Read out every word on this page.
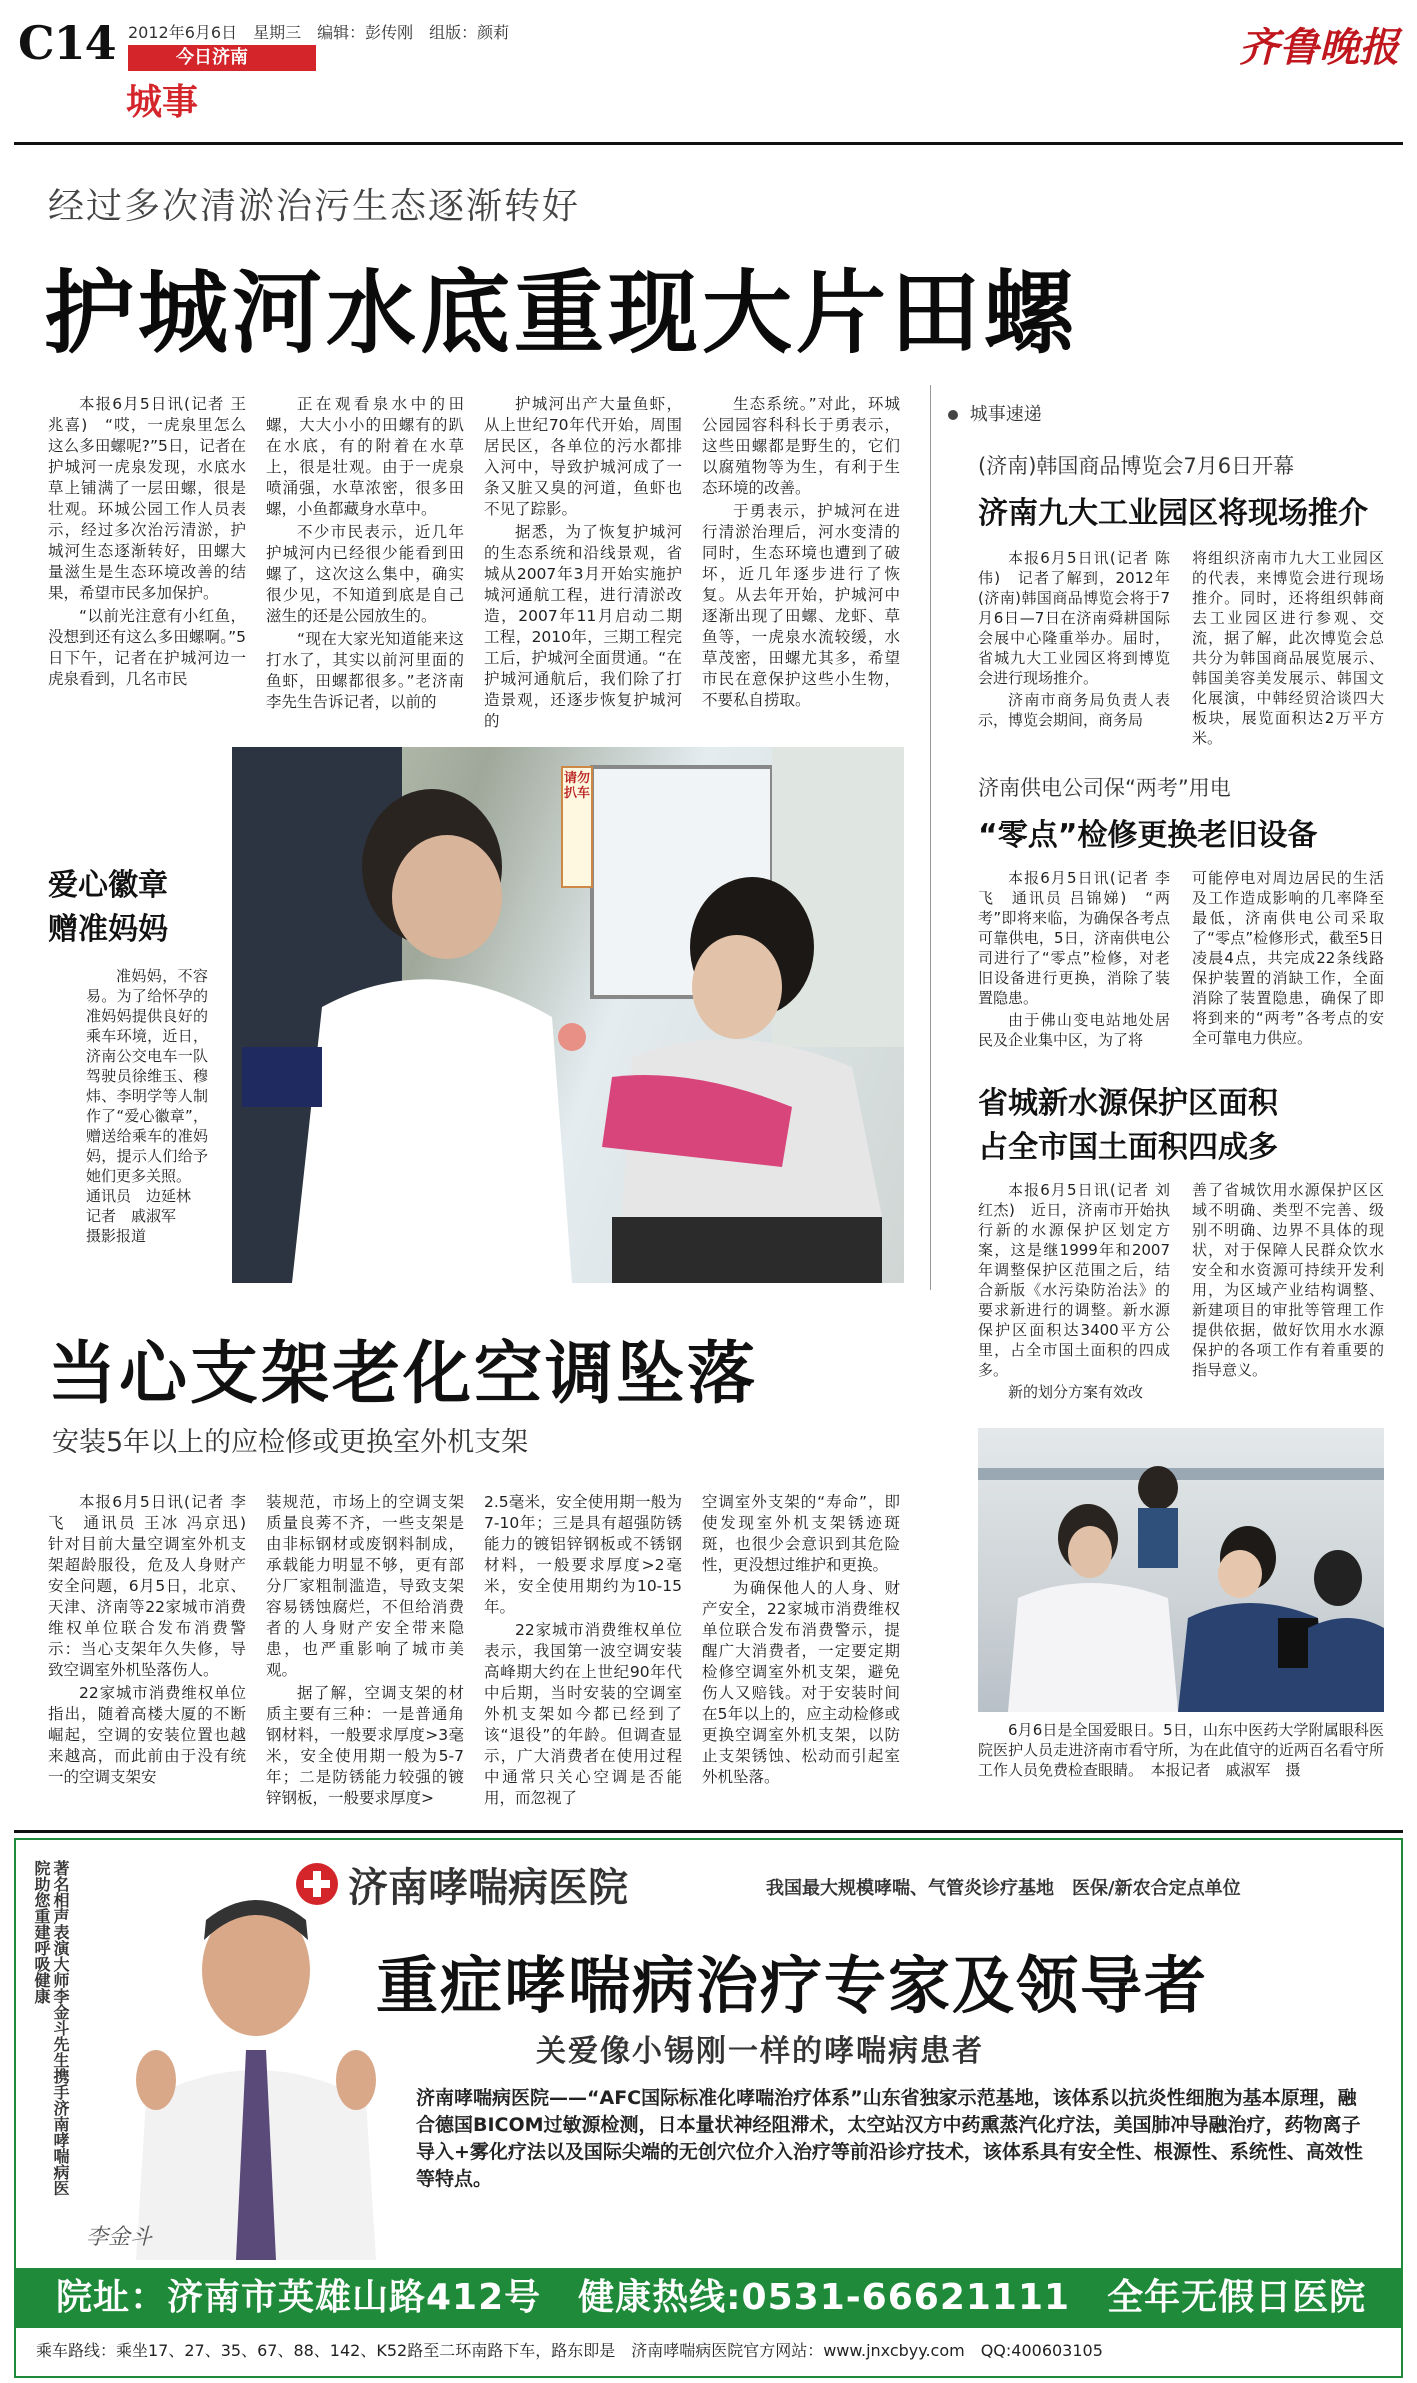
C14 2012年6月6日　星期三　编辑：彭传刚　组版：颜莉
今日济南
城事
齐鲁晚报
经过多次清淤治污生态逐渐转好
护城河水底重现大片田螺

本报6月5日讯(记者 王兆喜)　“哎，一虎泉里怎么这么多田螺呢?”5日，记者在护城河一虎泉发现，水底水草上铺满了一层田螺，很是壮观。环城公园工作人员表示，经过多次治污清淤，护城河生态逐渐转好，田螺大量滋生是生态环境改善的结果，希望市民多加保护。

“以前光注意有小红鱼，没想到还有这么多田螺啊。”5日下午，记者在护城河边一虎泉看到，几名市民

正在观看泉水中的田螺，大大小小的田螺有的趴在水底，有的附着在水草上，很是壮观。由于一虎泉喷涌强，水草浓密，很多田螺，小鱼都藏身水草中。

不少市民表示，近几年护城河内已经很少能看到田螺了，这次这么集中，确实很少见，不知道到底是自己滋生的还是公园放生的。

“现在大家光知道能来这打水了，其实以前河里面的鱼虾，田螺都很多。”老济南李先生告诉记者，以前的

护城河出产大量鱼虾，从上世纪70年代开始，周围居民区，各单位的污水都排入河中，导致护城河成了一条又脏又臭的河道，鱼虾也不见了踪影。

据悉，为了恢复护城河的生态系统和沿线景观，省城从2007年3月开始实施护城河通航工程，进行清淤改造，2007年11月启动二期工程，2010年，三期工程完工后，护城河全面贯通。“在护城河通航后，我们除了打造景观，还逐步恢复护城河的

生态系统。”对此，环城公园园容科科长于勇表示，这些田螺都是野生的，它们以腐殖物等为生，有利于生态环境的改善。

于勇表示，护城河在进行清淤治理后，河水变清的同时，生态环境也遭到了破坏，近几年逐步进行了恢复。从去年开始，护城河中逐渐出现了田螺、龙虾、草鱼等，一虎泉水流较缓，水草茂密，田螺尤其多，希望市民在意保护这些小生物，不要私自捞取。

爱心徽章
赠准妈妈

准妈妈，不容易。为了给怀孕的准妈妈提供良好的乘车环境，近日，济南公交电车一队驾驶员徐维玉、穆炜、李明学等人制作了“爱心徽章”，赠送给乘车的准妈妈，提示人们给予她们更多关照。

通讯员　边延林
记者　戚淑军
摄影报道
请勿扒车
城事速递
(济南)韩国商品博览会7月6日开幕
济南九大工业园区将现场推介

本报6月5日讯(记者 陈伟)　记者了解到，2012年(济南)韩国商品博览会将于7月6日—7日在济南舜耕国际会展中心隆重举办。届时，省城九大工业园区将到博览会进行现场推介。

济南市商务局负责人表示，博览会期间，商务局

将组织济南市九大工业园区的代表，来博览会进行现场推介。同时，还将组织韩商去工业园区进行参观、交流，据了解，此次博览会总共分为韩国商品展览展示、韩国美容美发展示、韩国文化展演，中韩经贸洽谈四大板块，展览面积达2万平方米。

济南供电公司保“两考”用电
“零点”检修更换老旧设备

本报6月5日讯(记者 李飞　通讯员 吕锦娣)　“两考”即将来临，为确保各考点可靠供电，5日，济南供电公司进行了“零点”检修，对老旧设备进行更换，消除了装置隐患。

由于佛山变电站地处居民及企业集中区，为了将

可能停电对周边居民的生活及工作造成影响的几率降至最低，济南供电公司采取了“零点”检修形式，截至5日凌晨4点，共完成22条线路保护装置的消缺工作，全面消除了装置隐患，确保了即将到来的“两考”各考点的安全可靠电力供应。

省城新水源保护区面积
占全市国土面积四成多

本报6月5日讯(记者 刘红杰)　近日，济南市开始执行新的水源保护区划定方案，这是继1999年和2007年调整保护区范围之后，结合新版《水污染防治法》的要求新进行的调整。新水源保护区面积达3400平方公里，占全市国土面积的四成多。

新的划分方案有效改

善了省城饮用水源保护区区域不明确、类型不完善、级别不明确、边界不具体的现状，对于保障人民群众饮水安全和水资源可持续开发利用，为区域产业结构调整、新建项目的审批等管理工作提供依据，做好饮用水水源保护的各项工作有着重要的指导意义。

6月6日是全国爱眼日。5日，山东中医药大学附属眼科医院医护人员走进济南市看守所，为在此值守的近两百名看守所工作人员免费检查眼睛。　本报记者　戚淑军　摄

当心支架老化空调坠落
安装5年以上的应检修或更换室外机支架

本报6月5日讯(记者 李飞　通讯员 王冰 冯京迅)　针对目前大量空调室外机支架超龄服役，危及人身财产安全问题，6月5日，北京、天津、济南等22家城市消费维权单位联合发布消费警示：当心支架年久失修，导致空调室外机坠落伤人。

22家城市消费维权单位指出，随着高楼大厦的不断崛起，空调的安装位置也越来越高，而此前由于没有统一的空调支架安

装规范，市场上的空调支架质量良莠不齐，一些支架是由非标钢材或废钢料制成，承载能力明显不够，更有部分厂家粗制滥造，导致支架容易锈蚀腐烂，不但给消费者的人身财产安全带来隐患，也严重影响了城市美观。

据了解，空调支架的材质主要有三种：一是普通角钢材料，一般要求厚度>3毫米，安全使用期一般为5-7年；二是防锈能力较强的镀锌钢板，一般要求厚度>

2.5毫米，安全使用期一般为7-10年；三是具有超强防锈能力的镀铝锌钢板或不锈钢材料，一般要求厚度>2毫米，安全使用期约为10-15年。

22家城市消费维权单位表示，我国第一波空调安装高峰期大约在上世纪90年代中后期，当时安装的空调室外机支架如今都已经到了该“退役”的年龄。但调查显示，广大消费者在使用过程中通常只关心空调是否能用，而忽视了

空调室外支架的“寿命”，即使发现室外机支架锈迹斑斑，也很少会意识到其危险性，更没想过维护和更换。

为确保他人的人身、财产安全，22家城市消费维权单位联合发布消费警示，提醒广大消费者，一定要定期检修空调室外机支架，避免伤人又赔钱。对于安装时间在5年以上的，应主动检修或更换空调室外机支架，以防止支架锈蚀、松动而引起室外机坠落。

著名相声表演大师李金斗先生携手济南哮喘病医院助您重建呼吸健康
李金斗
济南哮喘病医院	我国最大规模哮喘、气管炎诊疗基地　医保/新农合定点单位
重症哮喘病治疗专家及领导者
关爱像小锡刚一样的哮喘病患者
济南哮喘病医院——“AFC国际标准化哮喘治疗体系”山东省独家示范基地，该体系以抗炎性细胞为基本原理，融合德国BICOM过敏源检测，日本量状神经阻滞术，太空站汉方中药熏蒸汽化疗法，美国肺冲导融治疗，药物离子导入+雾化疗法以及国际尖端的无创穴位介入治疗等前沿诊疗技术，该体系具有安全性、根源性、系统性、高效性等特点。
院址：济南市英雄山路412号　健康热线:0531-66621111　全年无假日医院
乘车路线：乘坐17、27、35、67、88、142、K52路至二环南路下车，路东即是　济南哮喘病医院官方网站：www.jnxcbyy.com　QQ:400603105
